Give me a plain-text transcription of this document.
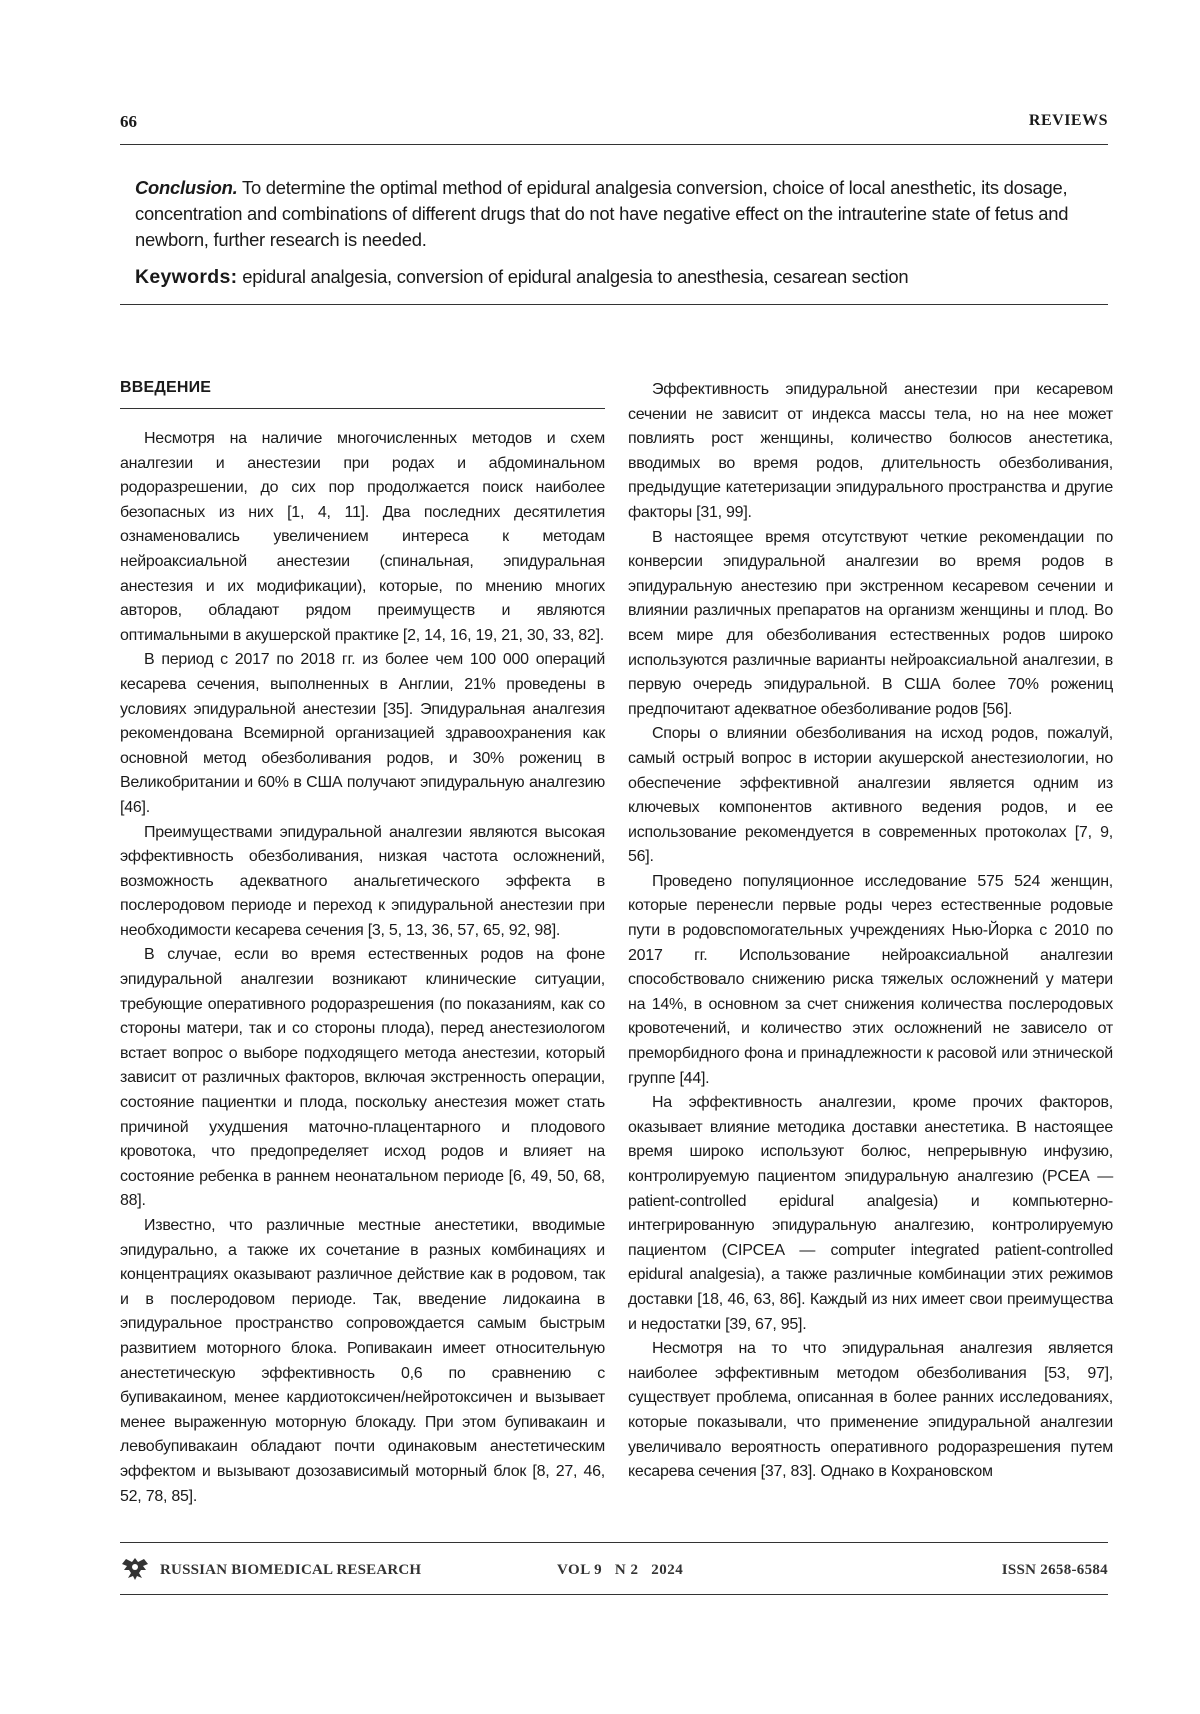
66	REVIEWS

Conclusion. To determine the optimal method of epidural analgesia conversion, choice of local anesthetic, its dosage, concentration and combinations of different drugs that do not have negative effect on the intrauterine state of fetus and newborn, further research is needed.

Keywords: epidural analgesia, conversion of epidural analgesia to anesthesia, cesarean section

ВВЕДЕНИЕ

Несмотря на наличие многочисленных методов и схем аналгезии и анестезии при родах и абдоминальном родоразрешении, до сих пор продолжается поиск наиболее безопасных из них [1, 4, 11]. Два последних десятилетия ознаменовались увеличением интереса к методам нейроаксиальной анестезии (спинальная, эпидуральная анестезия и их модификации), которые, по мнению многих авторов, обладают рядом преимуществ и являются оптимальными в акушерской практике [2, 14, 16, 19, 21, 30, 33, 82].

В период с 2017 по 2018 гг. из более чем 100 000 операций кесарева сечения, выполненных в Англии, 21% проведены в условиях эпидуральной анестезии [35]. Эпидуральная аналгезия рекомендована Всемирной организацией здравоохранения как основной метод обезболивания родов, и 30% рожениц в Великобритании и 60% в США получают эпидуральную аналгезию [46].

Преимуществами эпидуральной аналгезии являются высокая эффективность обезболивания, низкая частота осложнений, возможность адекватного анальгетического эффекта в послеродовом периоде и переход к эпидуральной анестезии при необходимости кесарева сечения [3, 5, 13, 36, 57, 65, 92, 98].

В случае, если во время естественных родов на фоне эпидуральной аналгезии возникают клинические ситуации, требующие оперативного родоразрешения (по показаниям, как со стороны матери, так и со стороны плода), перед анестезиологом встает вопрос о выборе подходящего метода анестезии, который зависит от различных факторов, включая экстренность операции, состояние пациентки и плода, поскольку анестезия может стать причиной ухудшения маточно-плацентарного и плодового кровотока, что предопределяет исход родов и влияет на состояние ребенка в раннем неонатальном периоде [6, 49, 50, 68, 88].

Известно, что различные местные анестетики, вводимые эпидурально, а также их сочетание в разных комбинациях и концентрациях оказывают различное действие как в родовом, так и в послеродовом периоде. Так, введение лидокаина в эпидуральное пространство сопровождается самым быстрым развитием моторного блока. Ропивакаин имеет относительную анестетическую эффективность 0,6 по сравнению с бупивакаином, менее кардиотоксичен/нейротоксичен и вызывает менее выраженную моторную блокаду. При этом бупивакаин и левобупивакаин обладают почти одинаковым анестетическим эффектом и вызывают дозозависимый моторный блок [8, 27, 46, 52, 78, 85].

Эффективность эпидуральной анестезии при кесаревом сечении не зависит от индекса массы тела, но на нее может повлиять рост женщины, количество болюсов анестетика, вводимых во время родов, длительность обезболивания, предыдущие катетеризации эпидурального пространства и другие факторы [31, 99].

В настоящее время отсутствуют четкие рекомендации по конверсии эпидуральной аналгезии во время родов в эпидуральную анестезию при экстренном кесаревом сечении и влиянии различных препаратов на организм женщины и плод. Во всем мире для обезболивания естественных родов широко используются различные варианты нейроаксиальной аналгезии, в первую очередь эпидуральной. В США более 70% рожениц предпочитают адекватное обезболивание родов [56].

Споры о влиянии обезболивания на исход родов, пожалуй, самый острый вопрос в истории акушерской анестезиологии, но обеспечение эффективной аналгезии является одним из ключевых компонентов активного ведения родов, и ее использование рекомендуется в современных протоколах [7, 9, 56].

Проведено популяционное исследование 575 524 женщин, которые перенесли первые роды через естественные родовые пути в родовспомогательных учреждениях Нью-Йорка с 2010 по 2017 гг. Использование нейроаксиальной аналгезии способствовало снижению риска тяжелых осложнений у матери на 14%, в основном за счет снижения количества послеродовых кровотечений, и количество этих осложнений не зависело от преморбидного фона и принадлежности к расовой или этнической группе [44].

На эффективность аналгезии, кроме прочих факторов, оказывает влияние методика доставки анестетика. В настоящее время широко используют болюс, непрерывную инфузию, контролируемую пациентом эпидуральную аналгезию (PCEA — patient-controlled epidural analgesia) и компьютерно-интегрированную эпидуральную аналгезию, контролируемую пациентом (CIPCEA — computer integrated patient-controlled epidural analgesia), а также различные комбинации этих режимов доставки [18, 46, 63, 86]. Каждый из них имеет свои преимущества и недостатки [39, 67, 95].

Несмотря на то что эпидуральная аналгезия является наиболее эффективным методом обезболивания [53, 97], существует проблема, описанная в более ранних исследованиях, которые показывали, что применение эпидуральной аналгезии увеличивало вероятность оперативного родоразрешения путем кесарева сечения [37, 83]. Однако в Кохрановском

RUSSIAN BIOMEDICAL RESEARCH	VOL 9   N 2   2024	ISSN 2658-6584
